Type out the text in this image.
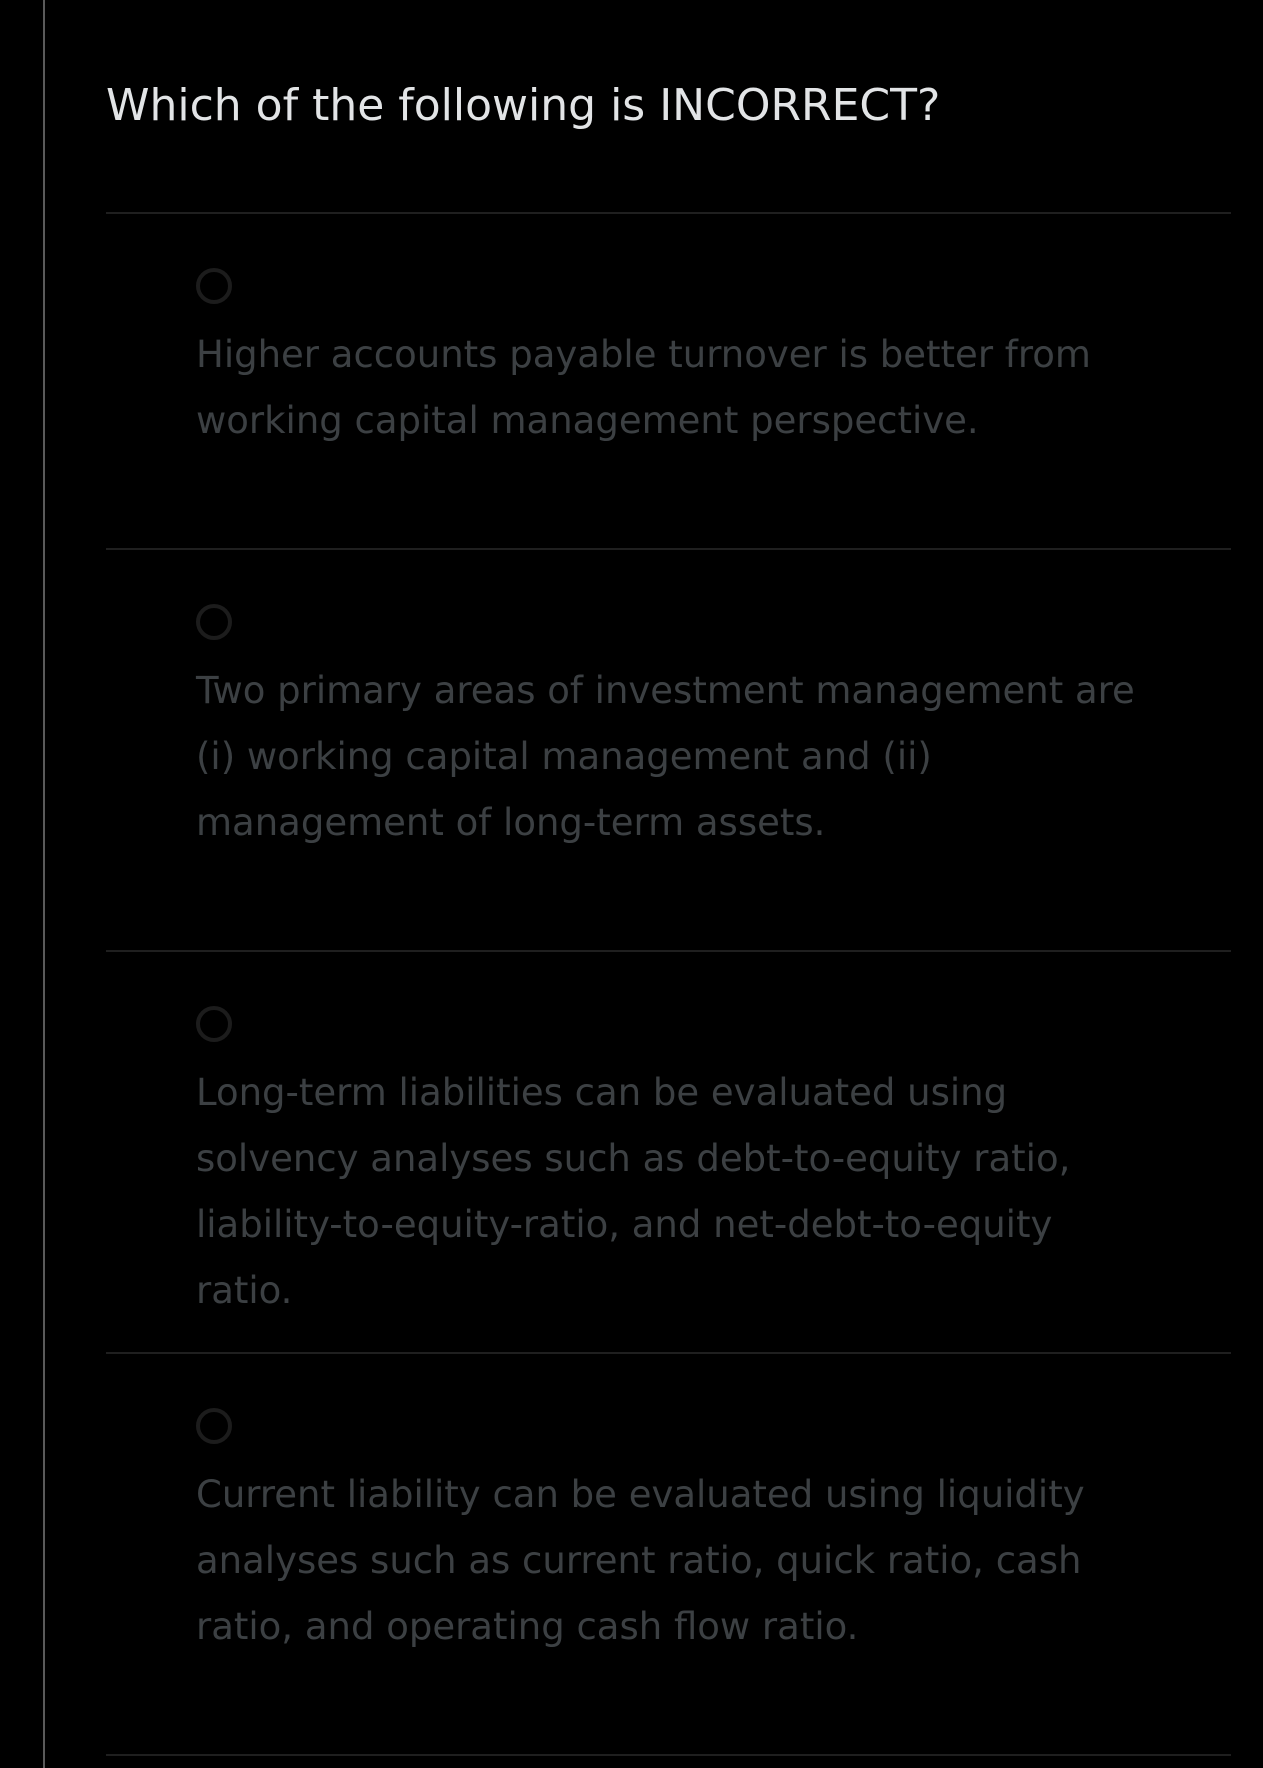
Which of the following is INCORRECT?

Higher accounts payable turnover is better from working capital management perspective.

Two primary areas of investment management are (i) working capital management and (ii) management of long-term assets.

Long-term liabilities can be evaluated using solvency analyses such as debt-to-equity ratio, liability-to-equity-ratio, and net-debt-to-equity ratio.

Current liability can be evaluated using liquidity analyses such as current ratio, quick ratio, cash ratio, and operating cash flow ratio.
